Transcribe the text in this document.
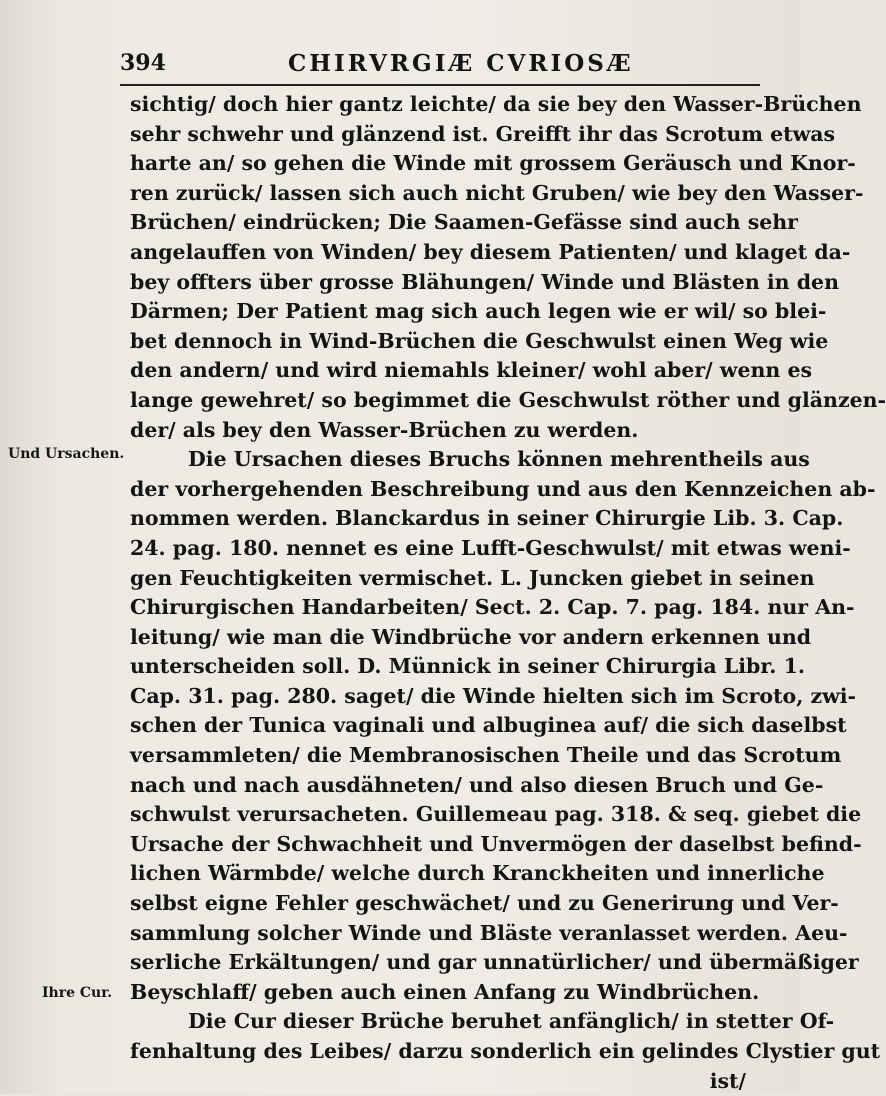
394	CHIRVRGIÆ CVRIOSÆ
Und Ursachen.
Ihre Cur.
sichtig/ doch hier gantz leichte/ da sie bey den Wasser-Brüchen
sehr schwehr und glänzend ist. Greifft ihr das Scrotum etwas
harte an/ so gehen die Winde mit grossem Geräusch und Knor-
ren zurück/ lassen sich auch nicht Gruben/ wie bey den Wasser-
Brüchen/ eindrücken; Die Saamen-Gefässe sind auch sehr
angelauffen von Winden/ bey diesem Patienten/ und klaget da-
bey offters über grosse Blähungen/ Winde und Blästen in den
Därmen; Der Patient mag sich auch legen wie er wil/ so blei-
bet dennoch in Wind-Brüchen die Geschwulst einen Weg wie
den andern/ und wird niemahls kleiner/ wohl aber/ wenn es
lange gewehret/ so begimmet die Geschwulst röther und glänzen-
der/ als bey den Wasser-Brüchen zu werden.
Die Ursachen dieses Bruchs können mehrentheils aus
der vorhergehenden Beschreibung und aus den Kennzeichen ab-
nommen werden. Blanckardus in seiner Chirurgie Lib. 3. Cap.
24. pag. 180. nennet es eine Lufft-Geschwulst/ mit etwas weni-
gen Feuchtigkeiten vermischet. L. Juncken giebet in seinen
Chirurgischen Handarbeiten/ Sect. 2. Cap. 7. pag. 184. nur An-
leitung/ wie man die Windbrüche vor andern erkennen und
unterscheiden soll. D. Münnick in seiner Chirurgia Libr. 1.
Cap. 31. pag. 280. saget/ die Winde hielten sich im Scroto, zwi-
schen der Tunica vaginali und albuginea auf/ die sich daselbst
versammleten/ die Membranosischen Theile und das Scrotum
nach und nach ausdähneten/ und also diesen Bruch und Ge-
schwulst verursacheten. Guillemeau pag. 318. & seq. giebet die
Ursache der Schwachheit und Unvermögen der daselbst befind-
lichen Wärmbde/ welche durch Kranckheiten und innerliche
selbst eigne Fehler geschwächet/ und zu Generirung und Ver-
sammlung solcher Winde und Bläste veranlasset werden. Aeu-
serliche Erkältungen/ und gar unnatürlicher/ und übermäßiger
Beyschlaff/ geben auch einen Anfang zu Windbrüchen.
Die Cur dieser Brüche beruhet anfänglich/ in stetter Of-
fenhaltung des Leibes/ darzu sonderlich ein gelindes Clystier gut
ist/
